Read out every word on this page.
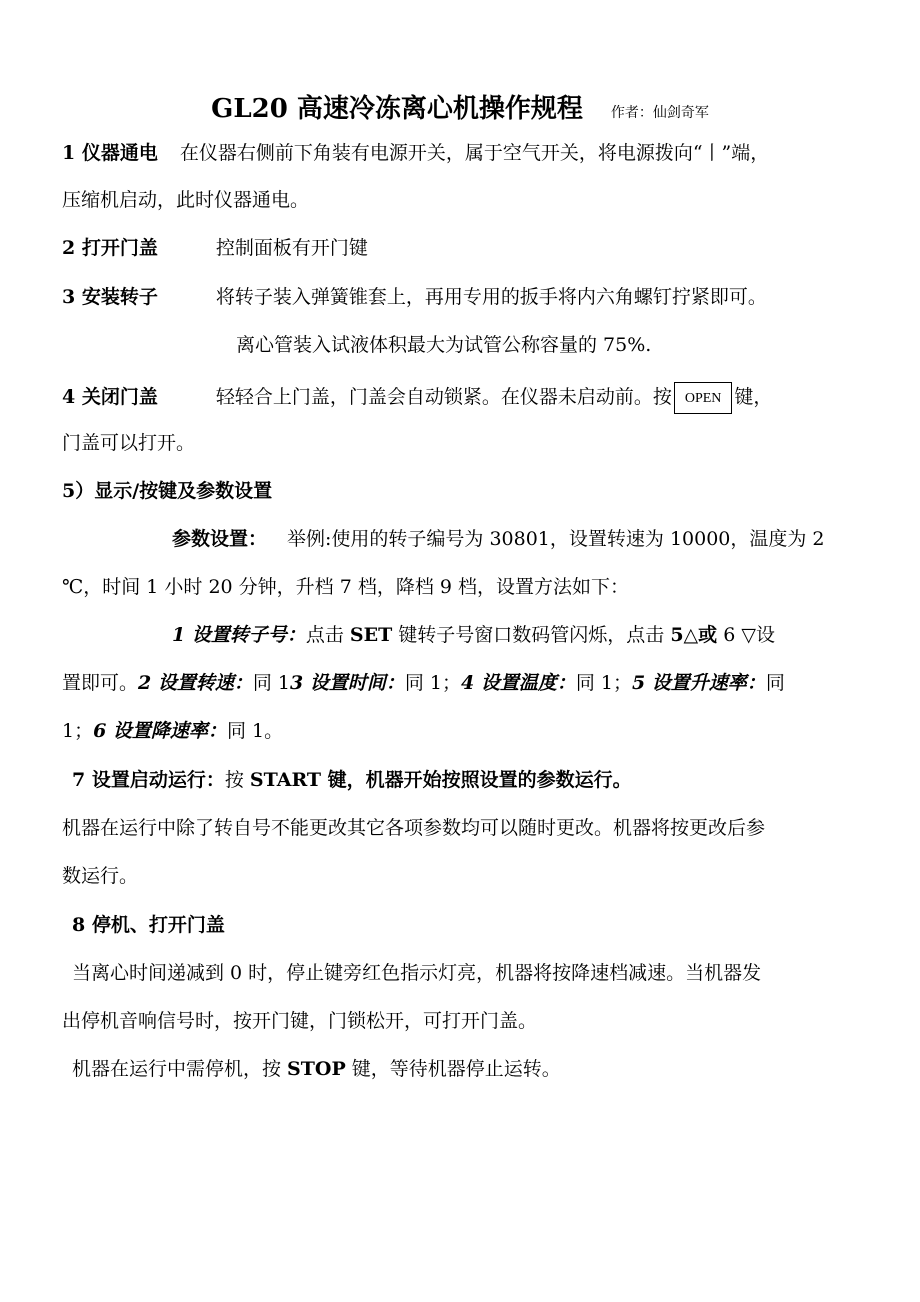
GL20 高速冷冻离心机操作规程 作者：仙剑奇军
1 仪器通电 在仪器右侧前下角装有电源开关，属于空气开关，将电源拨向“丨”端，
压缩机启动，此时仪器通电。
2 打开门盖	控制面板有开门键
3 安装转子	将转子装入弹簧锥套上，再用专用的扳手将内六角螺钉拧紧即可。
离心管装入试液体积最大为试管公称容量的 75%.
4 关闭门盖	轻轻合上门盖，门盖会自动锁紧。在仪器未启动前。按 OPEN 键，
门盖可以打开。
5）显示/按键及参数设置
参数设置： 举例:使用的转子编号为 30801，设置转速为 10000，温度为 2
℃，时间 1 小时 20 分钟，升档 7 档，降档 9 档，设置方法如下：
1 设置转子号：点击 SET 键转子号窗口数码管闪烁，点击 5△或 6 ▽设
置即可。2 设置转速：同 13 设置时间：同 1；4 设置温度：同 1；5 设置升速率：同
1；6 设置降速率：同 1。
7 设置启动运行：按 START 键，机器开始按照设置的参数运行。
机器在运行中除了转自号不能更改其它各项参数均可以随时更改。机器将按更改后参
数运行。
8 停机、打开门盖
当离心时间递减到 0 时，停止键旁红色指示灯亮，机器将按降速档减速。当机器发
出停机音响信号时，按开门键，门锁松开，可打开门盖。
机器在运行中需停机，按 STOP 键，等待机器停止运转。
